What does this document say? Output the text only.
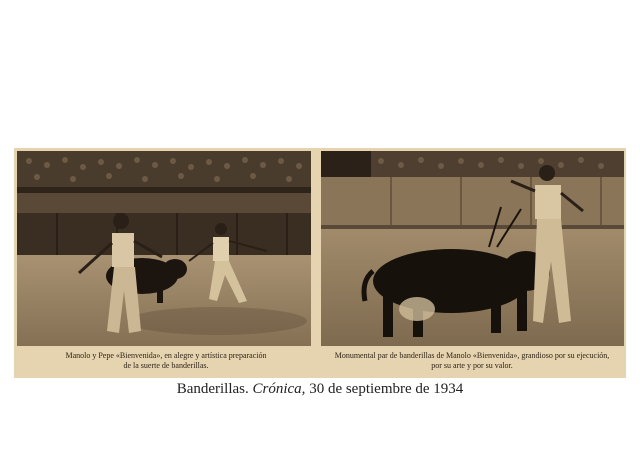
Manolo y Pepe «Bienvenida», en alegre y artística preparación
de la suerte de banderillas.
Monumental par de banderillas de Manolo «Bienvenida», grandioso por su ejecución,
por su arte y por su valor.
Banderillas. Crónica, 30 de septiembre de 1934
